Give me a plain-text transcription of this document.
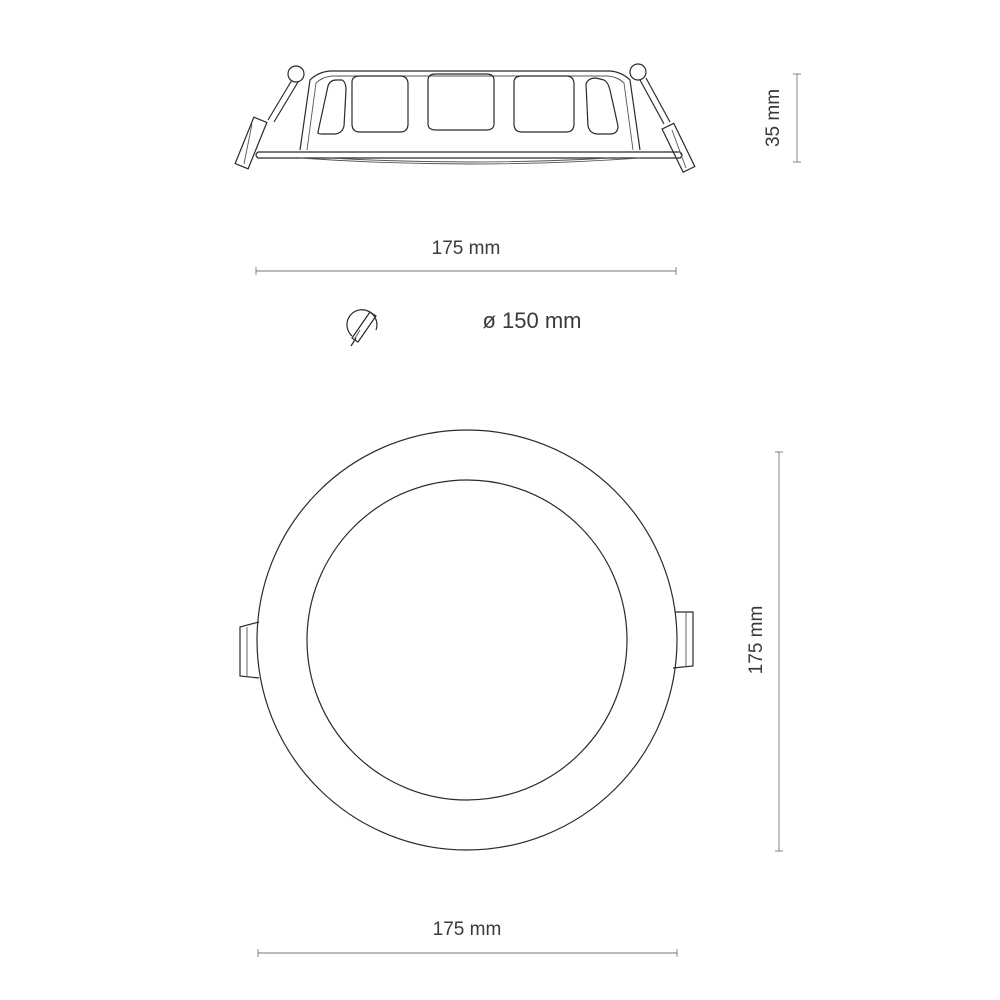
35 mm
175 mm
ø 150 mm
175 mm
175 mm
